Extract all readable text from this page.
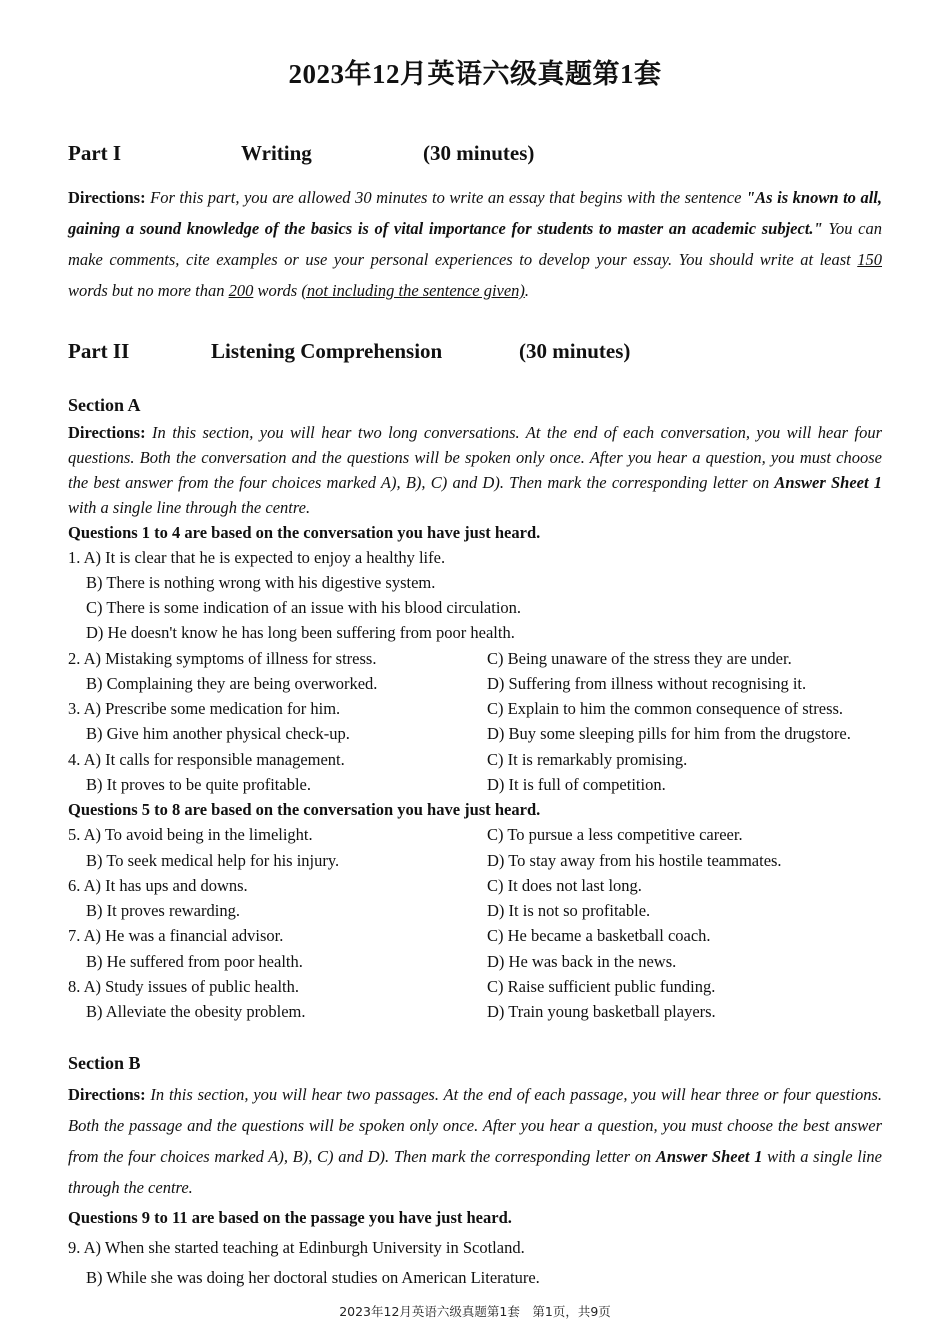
2023年12月英语六级真题第1套
Part I	Writing	(30 minutes)
Directions: For this part, you are allowed 30 minutes to write an essay that begins with the sentence "As is known to all, gaining a sound knowledge of the basics is of vital importance for students to master an academic subject." You can make comments, cite examples or use your personal experiences to develop your essay. You should write at least 150 words but no more than 200 words (not including the sentence given).
Part II	Listening Comprehension	(30 minutes)
Section A
Directions: In this section, you will hear two long conversations. At the end of each conversation, you will hear four questions. Both the conversation and the questions will be spoken only once. After you hear a question, you must choose the best answer from the four choices marked A), B), C) and D). Then mark the corresponding letter on Answer Sheet 1 with a single line through the centre.
Questions 1 to 4 are based on the conversation you have just heard.
1. A) It is clear that he is expected to enjoy a healthy life.
B) There is nothing wrong with his digestive system.
C) There is some indication of an issue with his blood circulation.
D) He doesn't know he has long been suffering from poor health.
2. A) Mistaking symptoms of illness for stress.	C) Being unaware of the stress they are under.
B) Complaining they are being overworked.	D) Suffering from illness without recognising it.
3. A) Prescribe some medication for him.	C) Explain to him the common consequence of stress.
B) Give him another physical check-up.	D) Buy some sleeping pills for him from the drugstore.
4. A) It calls for responsible management.	C) It is remarkably promising.
B) It proves to be quite profitable.	D) It is full of competition.
Questions 5 to 8 are based on the conversation you have just heard.
5. A) To avoid being in the limelight.	C) To pursue a less competitive career.
B) To seek medical help for his injury.	D) To stay away from his hostile teammates.
6. A) It has ups and downs.	C) It does not last long.
B) It proves rewarding.	D) It is not so profitable.
7. A) He was a financial advisor.	C) He became a basketball coach.
B) He suffered from poor health.	D) He was back in the news.
8. A) Study issues of public health.	C) Raise sufficient public funding.
B) Alleviate the obesity problem.	D) Train young basketball players.
Section B
Directions: In this section, you will hear two passages. At the end of each passage, you will hear three or four questions. Both the passage and the questions will be spoken only once. After you hear a question, you must choose the best answer from the four choices marked A), B), C) and D). Then mark the corresponding letter on Answer Sheet 1 with a single line through the centre.
Questions 9 to 11 are based on the passage you have just heard.
9. A) When she started teaching at Edinburgh University in Scotland.
B) While she was doing her doctoral studies on American Literature.
2023年12月英语六级真题第1套　第1页，共9页
